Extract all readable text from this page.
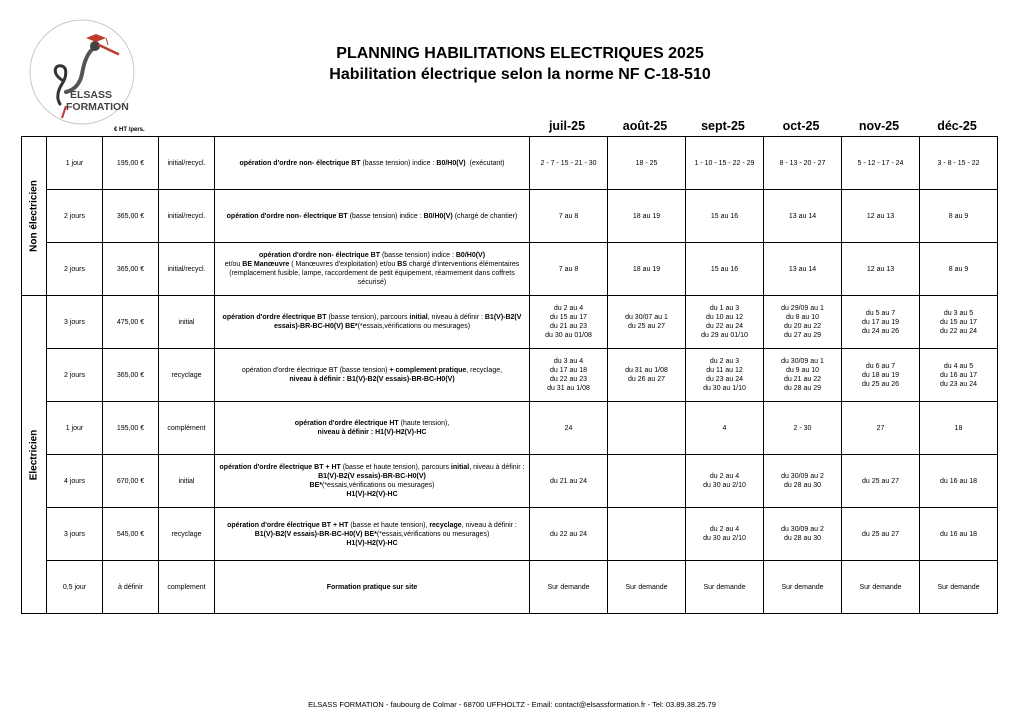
ELSASS
FORMATION
PLANNING HABILITATIONS ELECTRIQUES 2025
Habilitation électrique selon la norme NF C-18-510
€ HT /pers.	juil-25	août-25	sept-25	oct-25	nov-25	déc-25
Non électricien	1 jour	195,00 €	initial/recycl.	opération d'ordre non- électrique BT (basse tension) indice : B0/H0(V)  (exécutant)	2 - 7 - 15 - 21 - 30	18 - 25	1 - 10 - 15 - 22 - 29	8 - 13 - 20 - 27	5 - 12 - 17 - 24	3 - 8 - 15 - 22

	2 jours	365,00 €	initial/recycl.	opération d'ordre non- électrique BT (basse tension) indice : B0/H0(V) (chargé de chantier)	7 au 8	18 au 19	15 au 16	13 au 14	12 au 13	8 au 9

	2 jours	365,00 €	initial/recycl.	opération d'ordre non- électrique BT (basse tension) indice : B0/H0(V)
et/ou BE Manœuvre ( Manœuvres d'exploitation) et/ou BS chargé d'interventions élémentaires
(remplacement fusible, lampe, raccordement de petit équipement, réarmement dans coffrets sécurisé)	7 au 8	18 au 19	15 au 16	13 au 14	12 au 13	8 au 9

Electricien	3 jours	475,00 €	initial	opération d'ordre électrique BT (basse tension), parcours initial, niveau à définir : B1(V)-B2(V essais)-BR-BC-H0(V) BE*(*essais,vérifications ou mesurages)	du 2 au 4
du 15 au 17
du 21 au 23
du 30 au 01/08	du 30/07 au 1
du 25 au 27	du 1 au 3
du 10 au 12
du 22 au 24
du 29 au 01/10	du 29/09 au 1
du 8 au 10
du 20 au 22
du 27 au 29	du 5 au 7
du 17 au 19
du 24 au 26	du 3 au 5
du 15 au 17
du 22 au 24

	2 jours	365,00 €	recyclage	opération d'ordre électrique BT (basse tension) + complement pratique, recyclage,
niveau à définir : B1(V)-B2(V essais)-BR-BC-H0(V)	du 3 au 4
du 17 au 18
du 22 au 23
du 31 au 1/08	du 31 au 1/08
du 26 au 27	du 2 au 3
du 11 au 12
du 23 au 24
du 30 au 1/10	du 30/09 au 1
du 9 au 10
du 21 au 22
du 28 au 29	du 6 au 7
du 18 au 19
du 25 au 26	du 4 au 5
du 16 au 17
du 23 au 24

	1 jour	195,00 €	complément	opération d'ordre électrique HT (haute tension),
niveau à définir : H1(V)-H2(V)-HC	24		4	2 - 30	27	18

	4 jours	670,00 €	initial	opération d'ordre électrique BT + HT (basse et haute tension), parcours initial, niveau à définir : B1(V)-B2(V essais)-BR-BC-H0(V)
BE*(*essais,vérifications ou mesurages)
H1(V)-H2(V)-HC	du 21 au 24		du 2 au 4
du 30 au 2/10	du 30/09 au 2
du 28 au 30	du 25 au 27	du 16 au 18

	3 jours	545,00 €	recyclage	opération d'ordre électrique BT + HT (basse et haute tension), recyclage, niveau à définir : B1(V)-B2(V essais)-BR-BC-H0(V) BE*(*essais,vérifications ou mesurages)
H1(V)-H2(V)-HC	du 22 au 24		du 2 au 4
du 30 au 2/10	du 30/09 au 2
du 28 au 30	du 25 au 27	du 16 au 18

	0,5 jour	à définir	complement	Formation pratique sur site	Sur demande	Sur demande	Sur demande	Sur demande	Sur demande	Sur demande
ELSASS FORMATION - faubourg de Colmar - 68700 UFFHOLTZ - Email: contact@elsassformation.fr - Tel: 03.89.38.25.79
